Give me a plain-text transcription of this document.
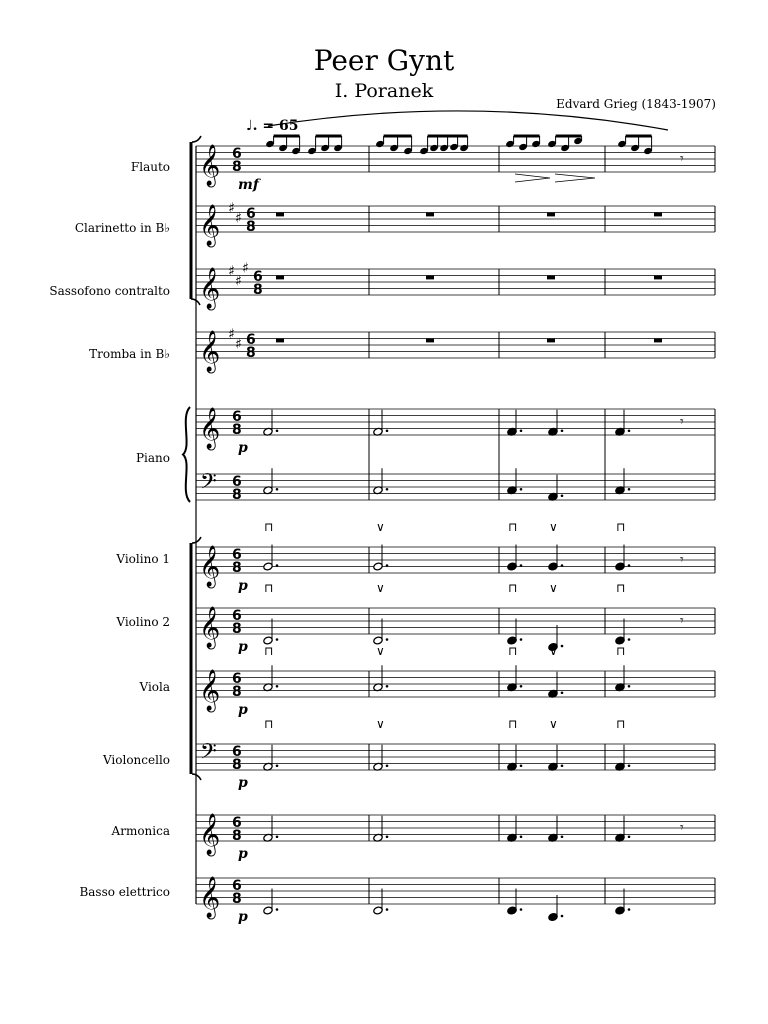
Peer Gynt
I. Poranek
Edvard Grieg (1843-1907)
♩. = 65
Flauto
Clarinetto in B♭
Sassofono contralto
Tromba in B♭
Piano
Violino 1
Violino 2
Viola
Violoncello
Armonica
Basso elettrico
𝄞 6
8
mf
𝄞 ♯
♯ 6
8
𝄞 ♯
♯
♯
6
8
𝄞 ♯
♯ 6
8
𝄞 6
8
p
𝄢 6
8
𝄞 6
8
p
𝄞 6
8
p
𝄞 6
8
p
𝄢 6
8
p
𝄞 6
8
p
𝄞 6
8
p
⊓	∨	⊓	∨	⊓
⊓	∨	⊓	∨	⊓
⊓	∨	⊓	∨	⊓
⊓	∨	⊓	∨	⊓
𝄾
𝄾
𝄾
𝄾
𝄾
